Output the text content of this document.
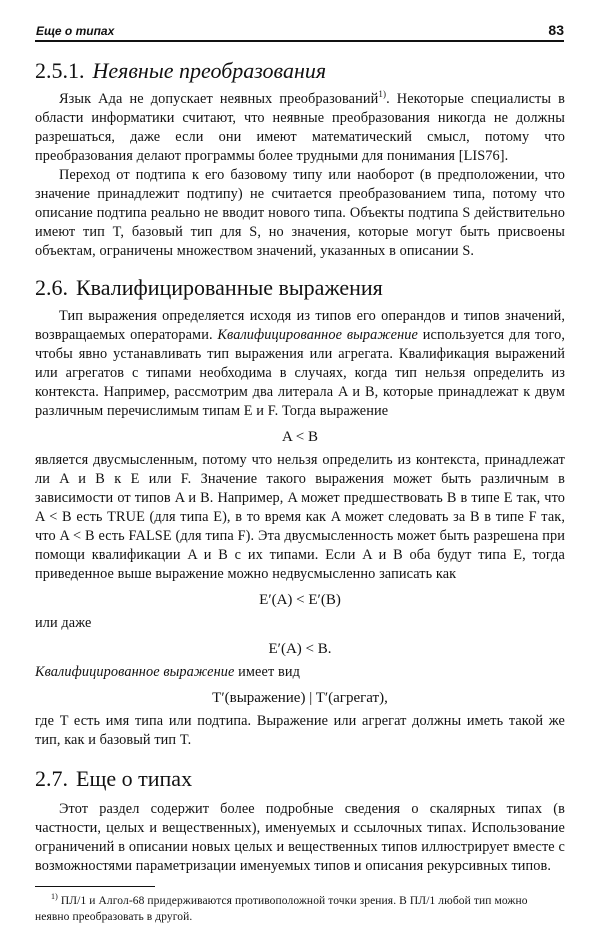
Еще о типах	83
2.5.1. Неявные преобразования

Язык Ада не допускает неявных преобразований$^{1)}$. Некоторые специалисты в области информатики считают, что неявные преобразования никогда не должны разрешаться, даже если они имеют математический смысл, потому что преобразования делают программы более трудными для понимания [LIS76].

Переход от подтипа к его базовому типу или наоборот (в предположении, что значение принадлежит подтипу) не считается преобразованием типа, потому что описание подтипа реально не вводит нового типа. Объекты подтипа S действительно имеют тип T, базовый тип для S, но значения, которые могут быть присвоены объектам, ограничены множеством значений, указанных в описании S.

2.6. Квалифицированные выражения

Тип выражения определяется исходя из типов его операндов и типов значений, возвращаемых операторами. Квалифицированное выражение используется для того, чтобы явно устанавливать тип выражения или агрегата. Квалификация выражений или агрегатов с типами необходима в случаях, когда тип нельзя определить из контекста. Например, рассмотрим два литерала A и B, которые принадлежат к двум различным перечислимым типам E и F. Тогда выражение

A < B

является двусмысленным, потому что нельзя определить из контекста, принадлежат ли A и B к E или F. Значение такого выражения может быть различным в зависимости от типов A и B. Например, A может предшествовать B в типе E так, что A < B есть TRUE (для типа E), в то время как A может следовать за B в типе F так, что A < B есть FALSE (для типа F). Эта двусмысленность может быть разрешена при помощи квалификации A и B с их типами. Если A и B оба будут типа E, тогда приведенное выше выражение можно недвусмысленно записать как

E′(A) < E′(B)

или даже

E′(A) < B.

Квалифицированное выражение имеет вид

T′(выражение) | T′(агрегат),

где T есть имя типа или подтипа. Выражение или агрегат должны иметь такой же тип, как и базовый тип T.

2.7. Еще о типах

Этот раздел содержит более подробные сведения о скалярных типах (в частности, целых и вещественных), именуемых и ссылочных типах. Использование ограничений в описании новых целых и вещественных типов иллюстрирует вместе с возможностями параметризации именуемых типов и описания рекурсивных типов.

$^{1)}$ ПЛ/1 и Алгол-68 придерживаются противоположной точки зрения. В ПЛ/1 любой тип можно неявно преобразовать в другой.
